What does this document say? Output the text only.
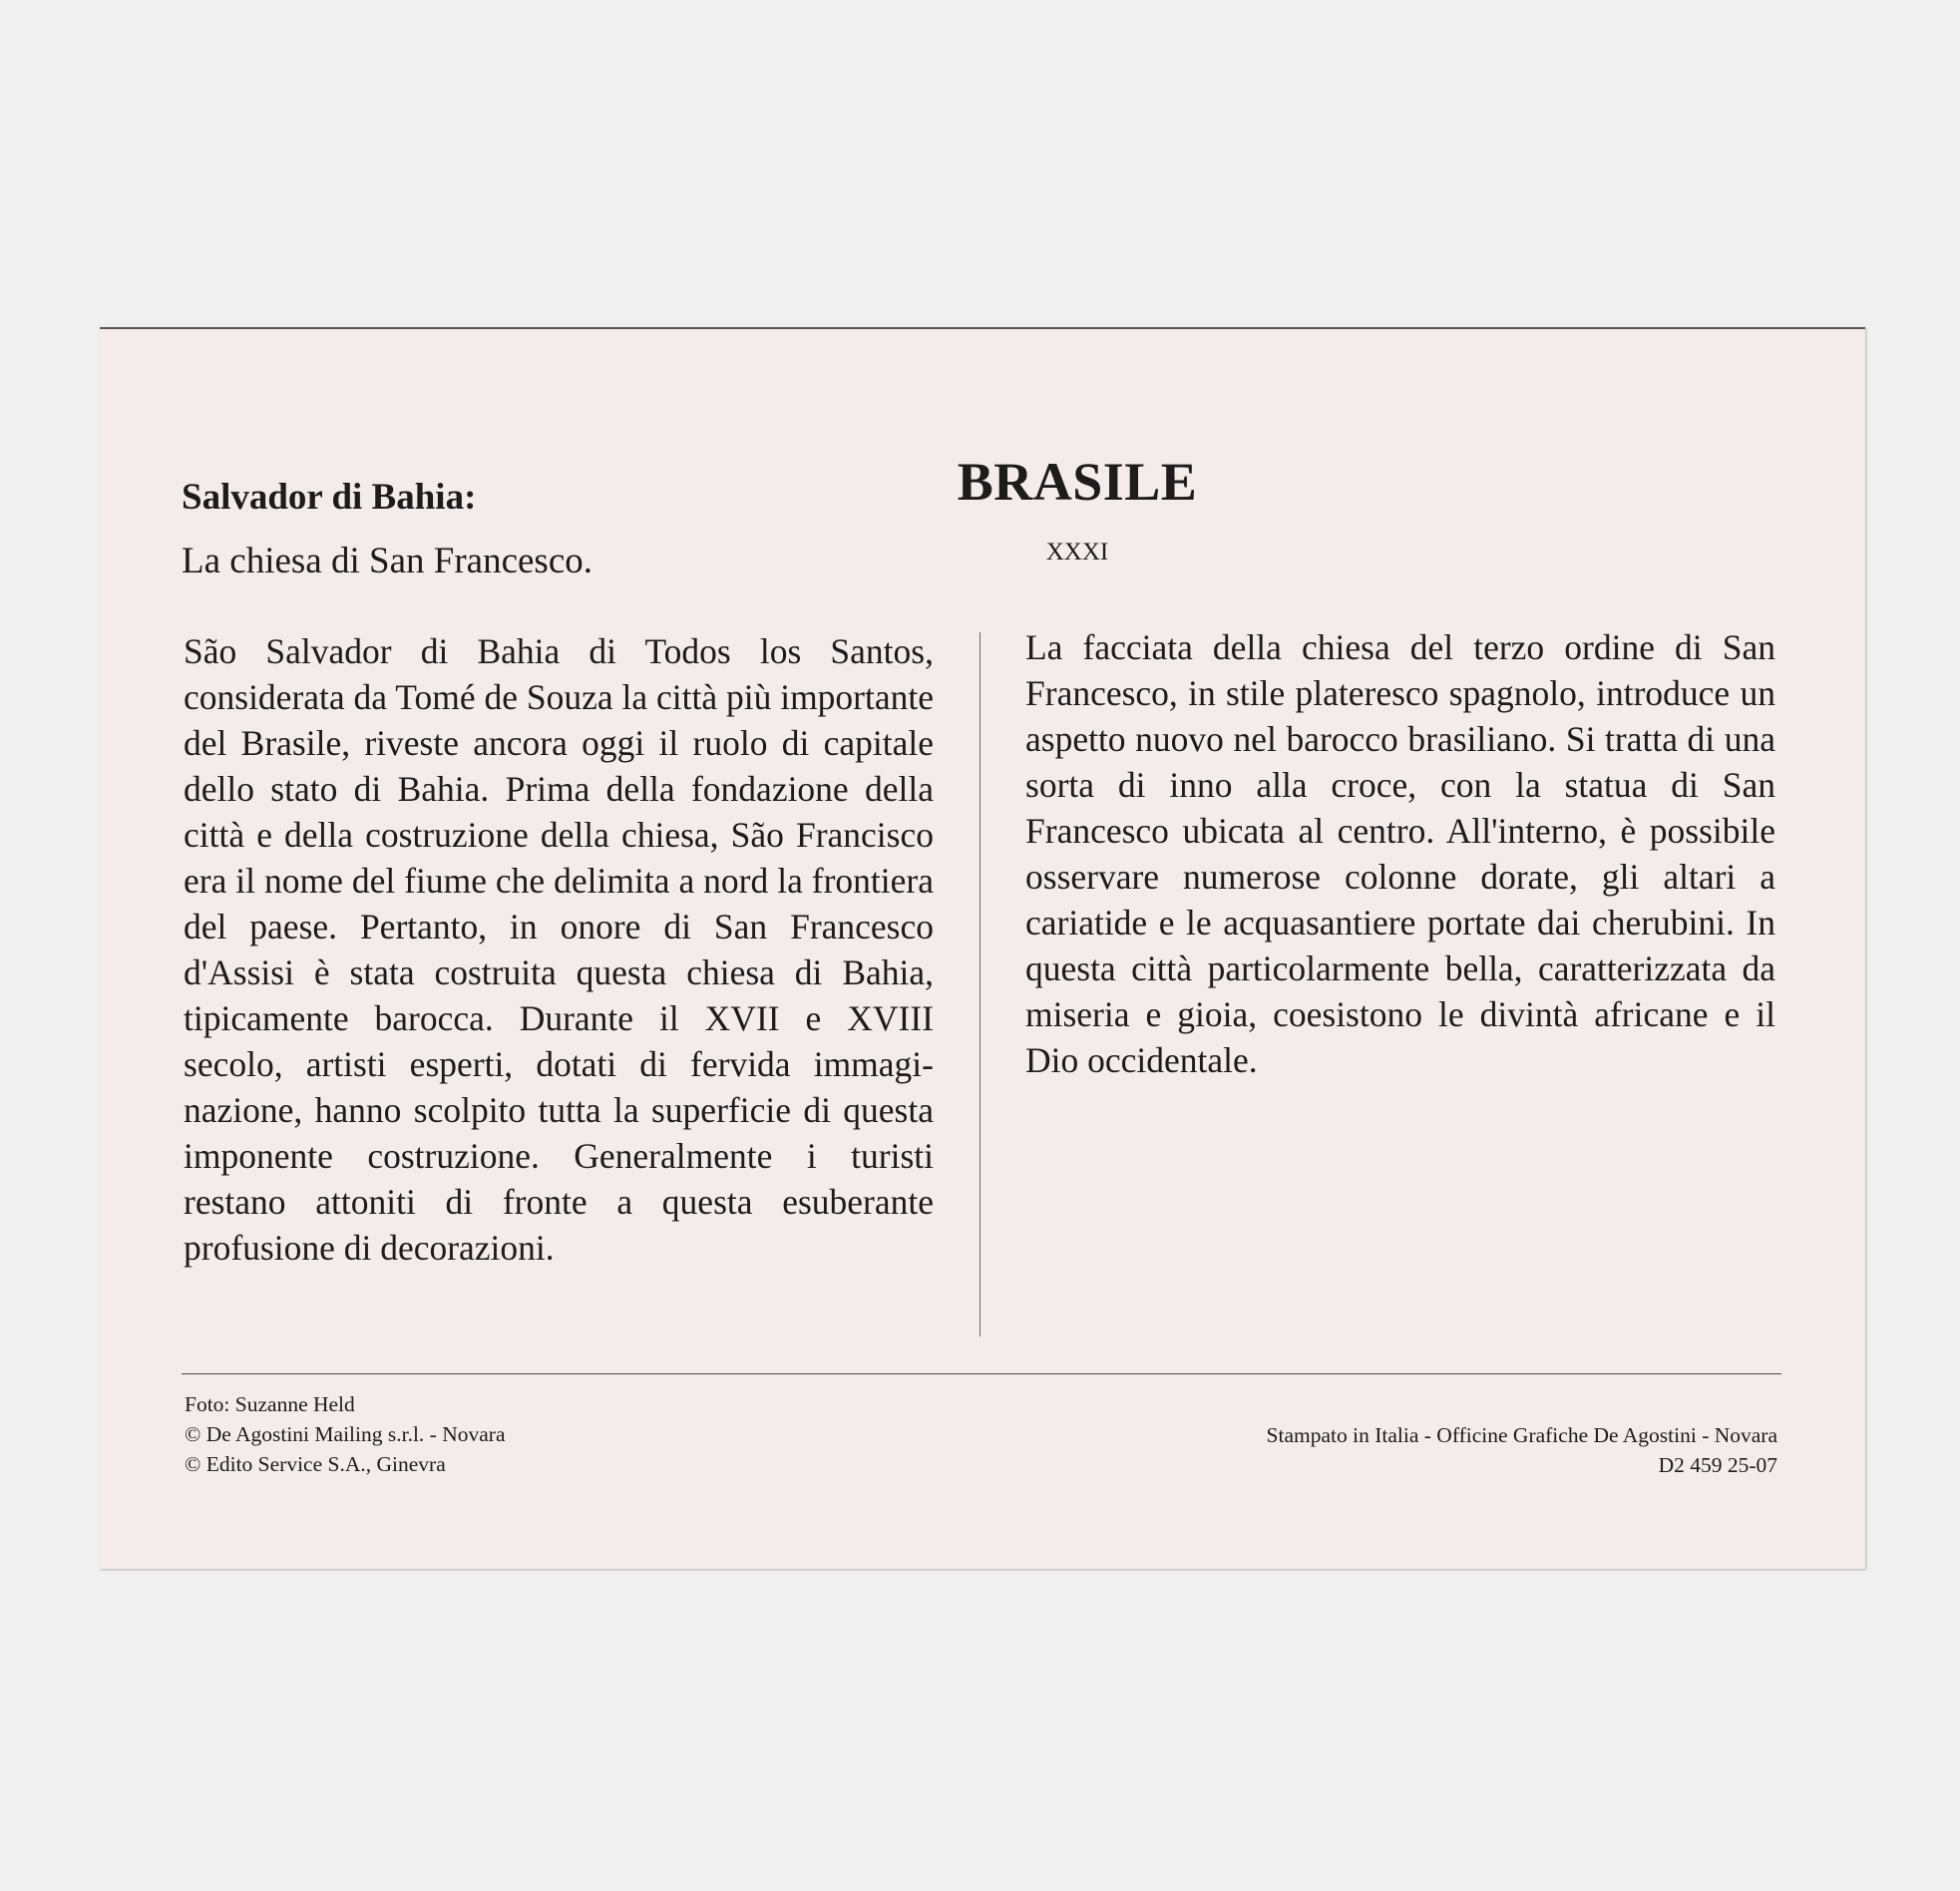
Salvador di Bahia:

La chiesa di San Francesco.

BRASILE

XXXI

São Salvador di Bahia di Todos los Santos, considerata da Tomé de Souza la città più importante del Brasile, riveste ancora oggi il ruolo di capitale dello stato di Bahia. Prima della fondazione della città e della costruzione della chiesa, São Francisco era il nome del fiume che delimita a nord la frontiera del paese. Pertanto, in onore di San Francesco d'Assisi è stata costruita questa chiesa di Bahia, tipicamente barocca. Durante il XVII e XVIII secolo, artisti esperti, dotati di fervida immaginazione, hanno scolpito tutta la superficie di questa imponente costruzione. Generalmente i turisti restano attoniti di fronte a questa esuberante profusione di decorazioni.

La facciata della chiesa del terzo ordine di San Francesco, in stile plateresco spagnolo, introduce un aspetto nuovo nel barocco brasiliano. Si tratta di una sorta di inno alla croce, con la statua di San Francesco ubicata al centro. All'interno, è possibile osservare numerose colonne dorate, gli altari a cariatide e le acquasantiere portate dai cherubini. In questa città particolarmente bella, caratterizzata da miseria e gioia, coesistono le divintà africane e il Dio occidentale.

Foto: Suzanne Held
© De Agostini Mailing s.r.l. - Novara
© Edito Service S.A., Ginevra
Stampato in Italia - Officine Grafiche De Agostini - Novara
D2 459 25-07
